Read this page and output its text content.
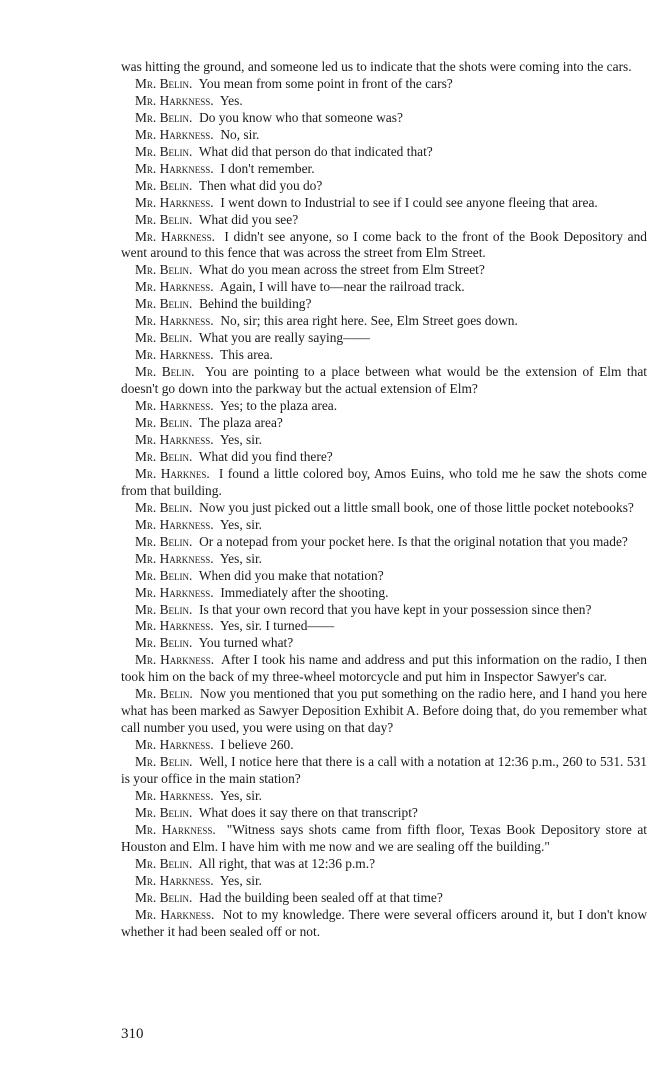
was hitting the ground, and someone led us to indicate that the shots were coming into the cars.

Mr. Belin. You mean from some point in front of the cars?

Mr. Harkness. Yes.

Mr. Belin. Do you know who that someone was?

Mr. Harkness. No, sir.

Mr. Belin. What did that person do that indicated that?

Mr. Harkness. I don't remember.

Mr. Belin. Then what did you do?

Mr. Harkness. I went down to Industrial to see if I could see anyone fleeing that area.

Mr. Belin. What did you see?

Mr. Harkness. I didn't see anyone, so I come back to the front of the Book Depository and went around to this fence that was across the street from Elm Street.

Mr. Belin. What do you mean across the street from Elm Street?

Mr. Harkness. Again, I will have to—near the railroad track.

Mr. Belin. Behind the building?

Mr. Harkness. No, sir; this area right here. See, Elm Street goes down.

Mr. Belin. What you are really saying——

Mr. Harkness. This area.

Mr. Belin. You are pointing to a place between what would be the extension of Elm that doesn't go down into the parkway but the actual extension of Elm?

Mr. Harkness. Yes; to the plaza area.

Mr. Belin. The plaza area?

Mr. Harkness. Yes, sir.

Mr. Belin. What did you find there?

Mr. Harknes. I found a little colored boy, Amos Euins, who told me he saw the shots come from that building.

Mr. Belin. Now you just picked out a little small book, one of those little pocket notebooks?

Mr. Harkness. Yes, sir.

Mr. Belin. Or a notepad from your pocket here. Is that the original notation that you made?

Mr. Harkness. Yes, sir.

Mr. Belin. When did you make that notation?

Mr. Harkness. Immediately after the shooting.

Mr. Belin. Is that your own record that you have kept in your possession since then?

Mr. Harkness. Yes, sir. I turned——

Mr. Belin. You turned what?

Mr. Harkness. After I took his name and address and put this information on the radio, I then took him on the back of my three-wheel motorcycle and put him in Inspector Sawyer's car.

Mr. Belin. Now you mentioned that you put something on the radio here, and I hand you here what has been marked as Sawyer Deposition Exhibit A. Before doing that, do you remember what call number you used, you were using on that day?

Mr. Harkness. I believe 260.

Mr. Belin. Well, I notice here that there is a call with a notation at 12:36 p.m., 260 to 531. 531 is your office in the main station?

Mr. Harkness. Yes, sir.

Mr. Belin. What does it say there on that transcript?

Mr. Harkness. "Witness says shots came from fifth floor, Texas Book Depository store at Houston and Elm. I have him with me now and we are sealing off the building."

Mr. Belin. All right, that was at 12:36 p.m.?

Mr. Harkness. Yes, sir.

Mr. Belin. Had the building been sealed off at that time?

Mr. Harkness. Not to my knowledge. There were several officers around it, but I don't know whether it had been sealed off or not.

310
